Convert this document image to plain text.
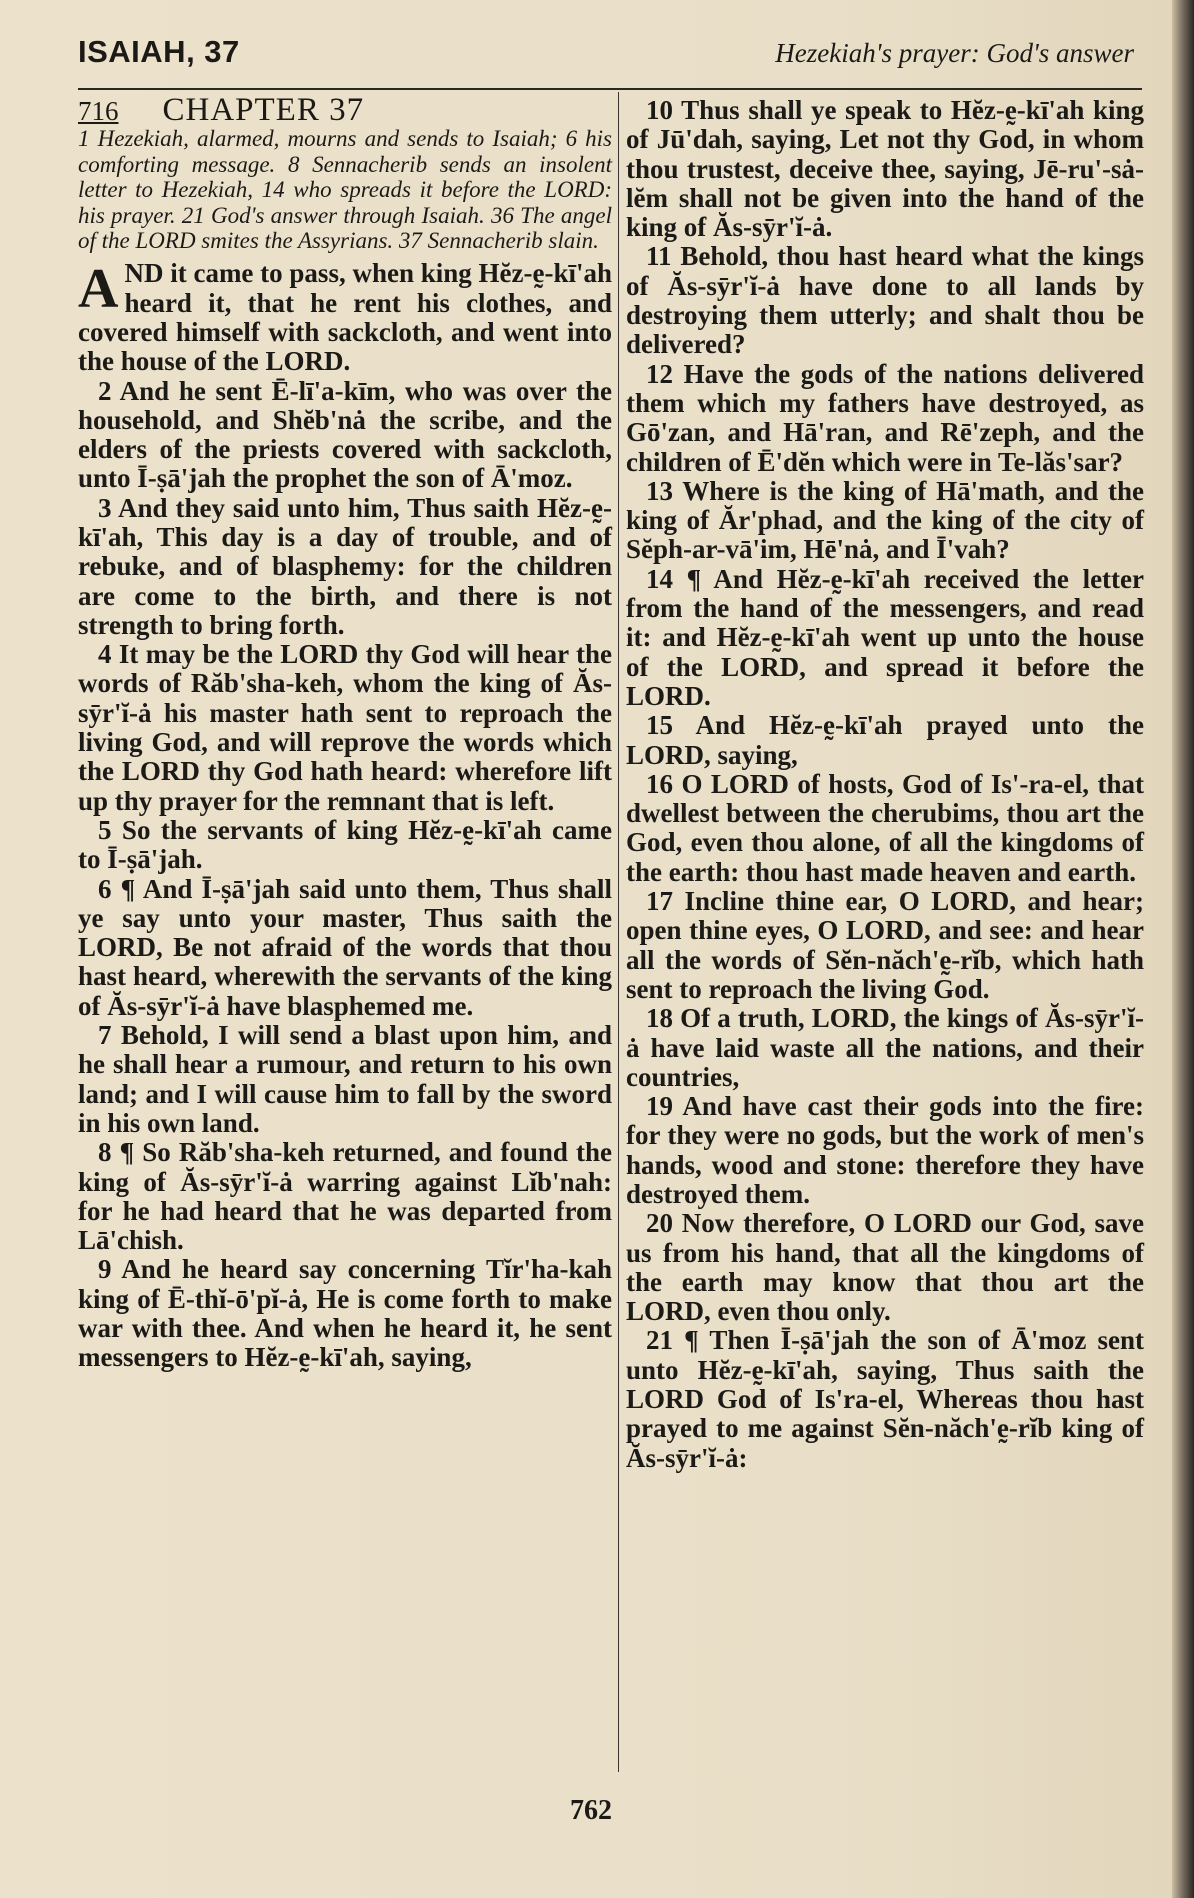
ISAIAH, 37	Hezekiah's prayer: God's answer
716 CHAPTER 37

1 Hezekiah, alarmed, mourns and sends to Isaiah; 6 his comforting message. 8 Sennacherib sends an insolent letter to Hezekiah, 14 who spreads it before the LORD: his prayer. 21 God's answer through Isaiah. 36 The angel of the LORD smites the Assyrians. 37 Sennacherib slain.

AND it came to pass, when king Hĕz-ḛ-kī'ah heard it, that he rent his clothes, and covered himself with sackcloth, and went into the house of the LORD.

2 And he sent Ē-lī'a-kīm, who was over the household, and Shĕb'nȧ the scribe, and the elders of the priests covered with sackcloth, unto Ī-ṣā'jah the prophet the son of Ā'moz.

3 And they said unto him, Thus saith Hĕz-ḛ-kī'ah, This day is a day of trouble, and of rebuke, and of blasphemy: for the children are come to the birth, and there is not strength to bring forth.

4 It may be the LORD thy God will hear the words of Răb'sha-keh, whom the king of Ăs-sȳr'ĭ-ȧ his master hath sent to reproach the living God, and will reprove the words which the LORD thy God hath heard: wherefore lift up thy prayer for the remnant that is left.

5 So the servants of king Hĕz-ḛ-kī'ah came to Ī-ṣā'jah.

6 ¶ And Ī-ṣā'jah said unto them, Thus shall ye say unto your master, Thus saith the LORD, Be not afraid of the words that thou hast heard, wherewith the servants of the king of Ăs-sȳr'ĭ-ȧ have blasphemed me.

7 Behold, I will send a blast upon him, and he shall hear a rumour, and return to his own land; and I will cause him to fall by the sword in his own land.

8 ¶ So Răb'sha-keh returned, and found the king of Ăs-sȳr'ĭ-ȧ warring against Lĭb'nah: for he had heard that he was departed from Lā'chish.

9 And he heard say concerning Tĭr'ha-kah king of Ē-thĭ-ō'pĭ-ȧ, He is come forth to make war with thee. And when he heard it, he sent messengers to Hĕz-ḛ-kī'ah, saying,

10 Thus shall ye speak to Hĕz-ḛ-kī'ah king of Jū'dah, saying, Let not thy God, in whom thou trustest, deceive thee, saying, Jē-ru'-sȧ-lĕm shall not be given into the hand of the king of Ăs-sȳr'ĭ-ȧ.

11 Behold, thou hast heard what the kings of Ăs-sȳr'ĭ-ȧ have done to all lands by destroying them utterly; and shalt thou be delivered?

12 Have the gods of the nations delivered them which my fathers have destroyed, as Gō'zan, and Hā'ran, and Rē'zeph, and the children of Ē'dĕn which were in Te-lăs'sar?

13 Where is the king of Hā'math, and the king of Ăr'phad, and the king of the city of Sĕph-ar-vā'im, Hē'nȧ, and Ī'vah?

14 ¶ And Hĕz-ḛ-kī'ah received the letter from the hand of the messengers, and read it: and Hĕz-ḛ-kī'ah went up unto the house of the LORD, and spread it before the LORD.

15 And Hĕz-ḛ-kī'ah prayed unto the LORD, saying,

16 O LORD of hosts, God of Is'-ra-el, that dwellest between the cherubims, thou art the God, even thou alone, of all the kingdoms of the earth: thou hast made heaven and earth.

17 Incline thine ear, O LORD, and hear; open thine eyes, O LORD, and see: and hear all the words of Sĕn-năch'ḛ-rĭb, which hath sent to reproach the living God.

18 Of a truth, LORD, the kings of Ăs-sȳr'ĭ-ȧ have laid waste all the nations, and their countries,

19 And have cast their gods into the fire: for they were no gods, but the work of men's hands, wood and stone: therefore they have destroyed them.

20 Now therefore, O LORD our God, save us from his hand, that all the kingdoms of the earth may know that thou art the LORD, even thou only.

21 ¶ Then Ī-ṣā'jah the son of Ā'moz sent unto Hĕz-ḛ-kī'ah, saying, Thus saith the LORD God of Is'ra-el, Whereas thou hast prayed to me against Sĕn-năch'ḛ-rĭb king of Ăs-sȳr'ĭ-ȧ:

762
